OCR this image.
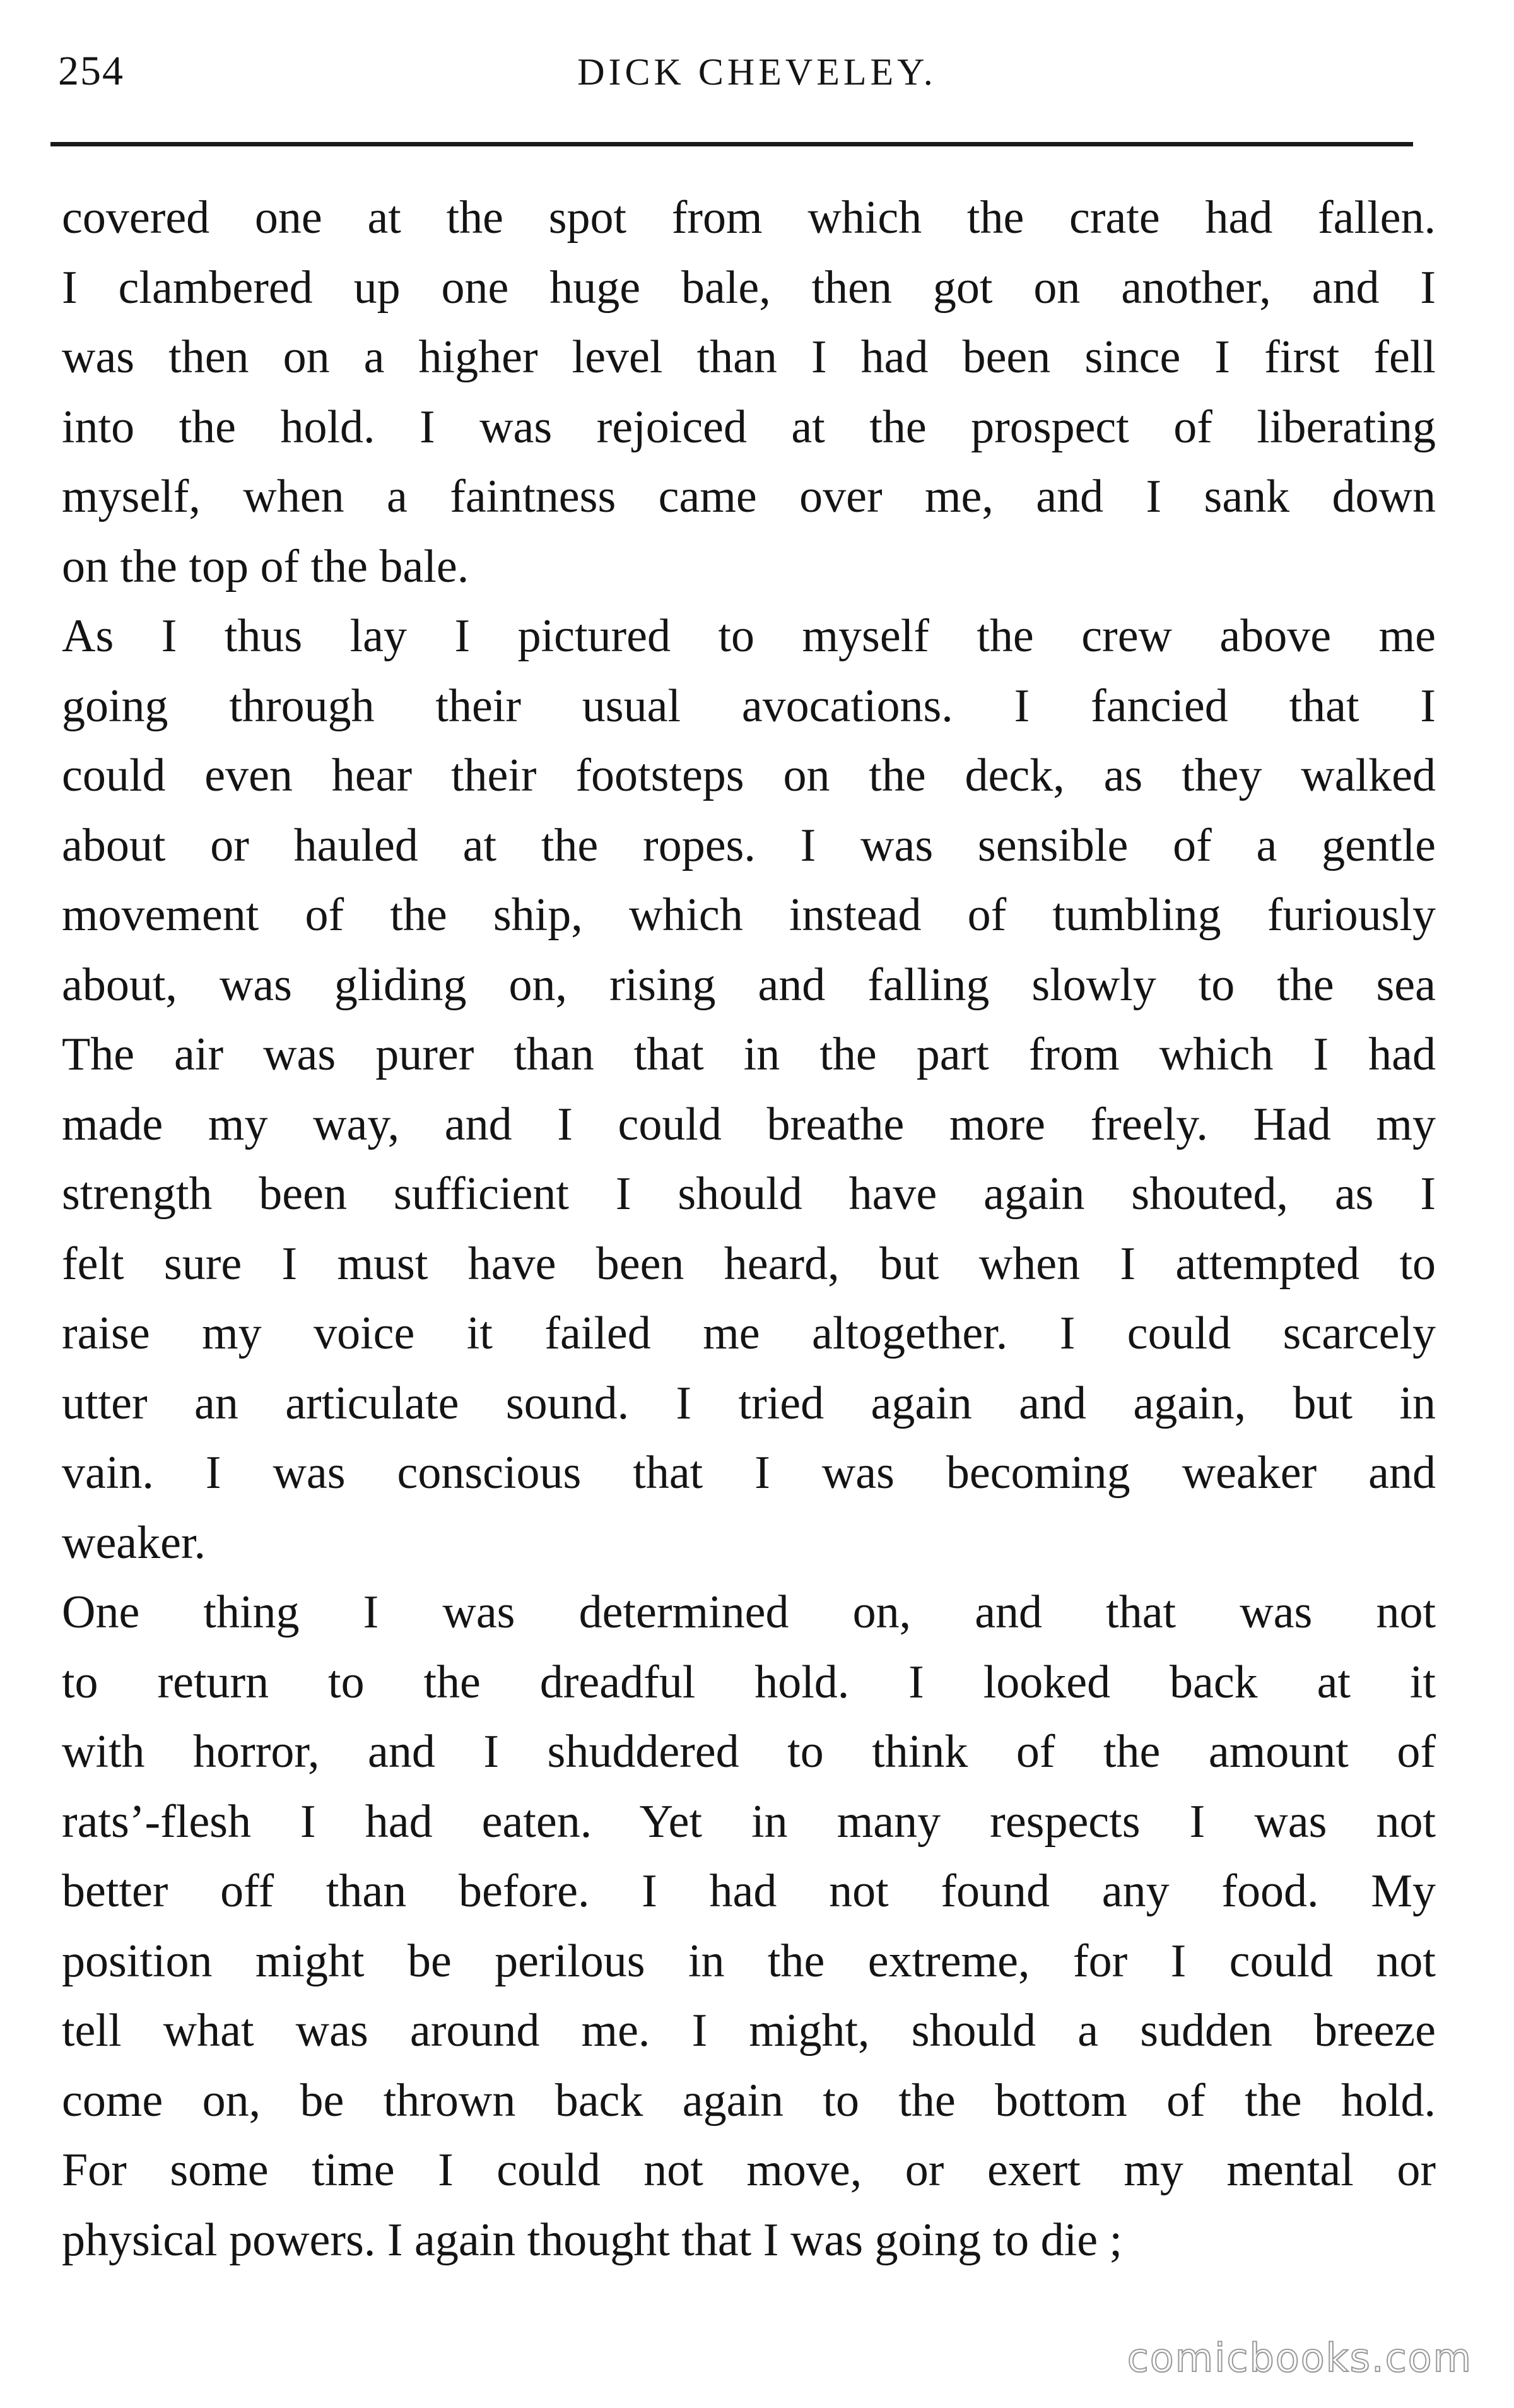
254	DICK CHEVELEY.
covered one at the spot from which the crate had fallen.
I clambered up one huge bale, then got on another, and I
was then on a higher level than I had been since I first fell
into the hold. I was rejoiced at the prospect of liberating
myself, when a faintness came over me, and I sank down
on the top of the bale.
As I thus lay I pictured to myself the crew above me
going through their usual avocations. I fancied that I
could even hear their footsteps on the deck, as they walked
about or hauled at the ropes. I was sensible of a gentle
movement of the ship, which instead of tumbling furiously
about, was gliding on, rising and falling slowly to the sea
The air was purer than that in the part from which I had
made my way, and I could breathe more freely. Had my
strength been sufficient I should have again shouted, as I
felt sure I must have been heard, but when I attempted to
raise my voice it failed me altogether. I could scarcely
utter an articulate sound. I tried again and again, but in
vain. I was conscious that I was becoming weaker and
weaker.
One thing I was determined on, and that was not
to return to the dreadful hold. I looked back at it
with horror, and I shuddered to think of the amount of
rats’-flesh I had eaten. Yet in many respects I was not
better off than before. I had not found any food. My
position might be perilous in the extreme, for I could not
tell what was around me. I might, should a sudden breeze
come on, be thrown back again to the bottom of the hold.
For some time I could not move, or exert my mental or
physical powers. I again thought that I was going to die ;
comicbooks.com
